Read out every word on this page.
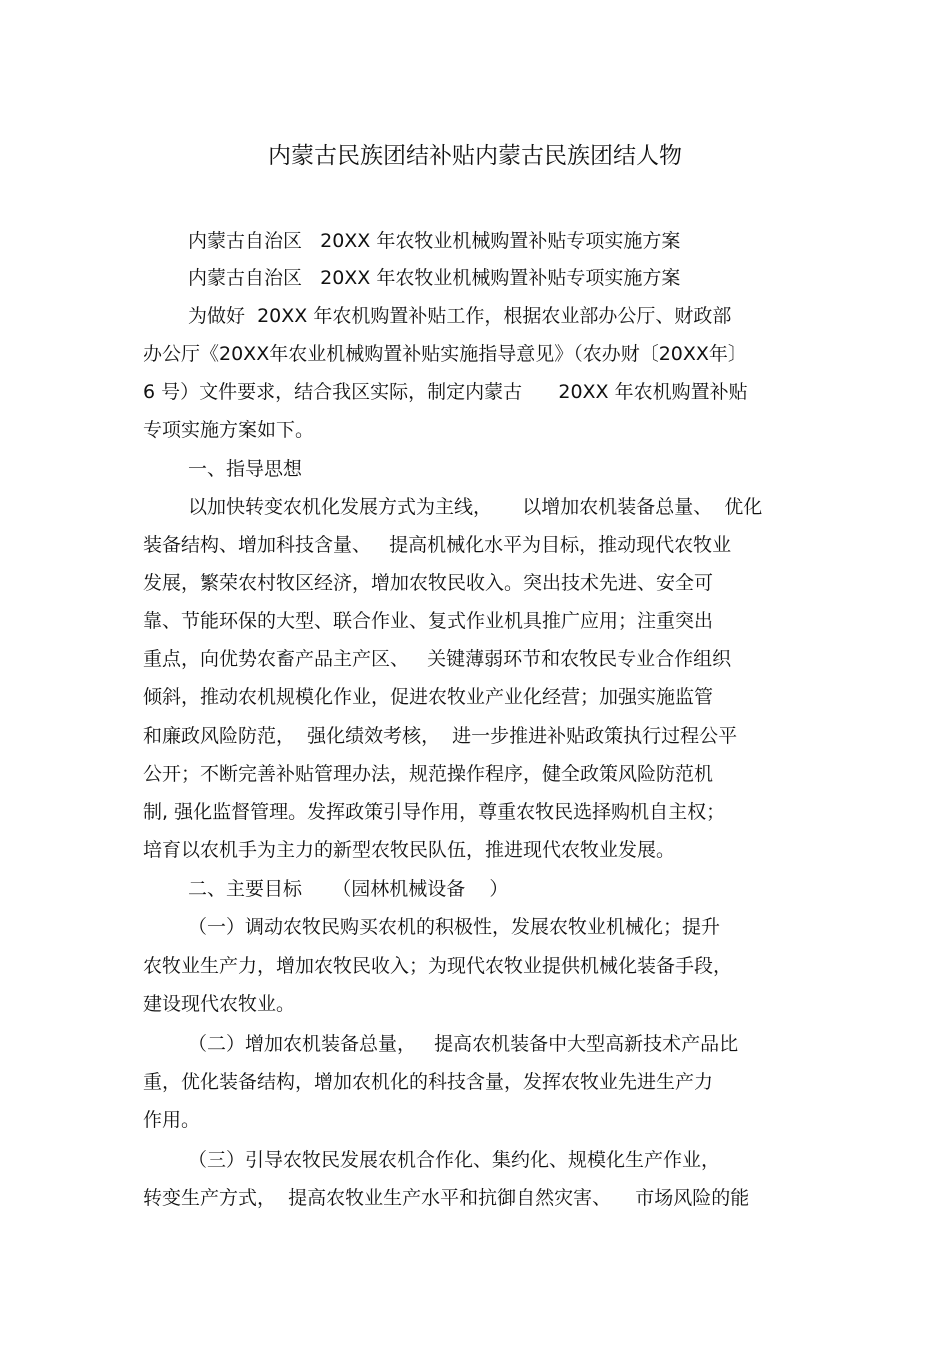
内蒙古民族团结补贴内蒙古民族团结人物
内蒙古自治区   20XX 年农牧业机械购置补贴专项实施方案
内蒙古自治区   20XX 年农牧业机械购置补贴专项实施方案
为做好  20XX 年农机购置补贴工作，根据农业部办公厅、财政部
办公厅《20XX年农业机械购置补贴实施指导意见》（农办财〔20XX年〕
6 号）文件要求，结合我区实际，制定内蒙古      20XX 年农机购置补贴
专项实施方案如下。
一、指导思想
以加快转变农机化发展方式为主线，     以增加农机装备总量、  优化
装备结构、增加科技含量、   提高机械化水平为目标，推动现代农牧业
发展，繁荣农村牧区经济，增加农牧民收入。突出技术先进、安全可
靠、节能环保的大型、联合作业、复式作业机具推广应用；注重突出
重点，向优势农畜产品主产区、   关键薄弱环节和农牧民专业合作组织
倾斜，推动农机规模化作业，促进农牧业产业化经营；加强实施监管
和廉政风险防范，  强化绩效考核，  进一步推进补贴政策执行过程公平
公开；不断完善补贴管理办法，规范操作程序，健全政策风险防范机
制, 强化监督管理。发挥政策引导作用，尊重农牧民选择购机自主权；
培育以农机手为主力的新型农牧民队伍，推进现代农牧业发展。
二、主要目标     （园林机械设备    ）
（一）调动农牧民购买农机的积极性，发展农牧业机械化；提升
农牧业生产力，增加农牧民收入；为现代农牧业提供机械化装备手段，
建设现代农牧业。
（二）增加农机装备总量，   提高农机装备中大型高新技术产品比
重，优化装备结构，增加农机化的科技含量，发挥农牧业先进生产力
作用。
（三）引导农牧民发展农机合作化、集约化、规模化生产作业，
转变生产方式，  提高农牧业生产水平和抗御自然灾害、    市场风险的能
